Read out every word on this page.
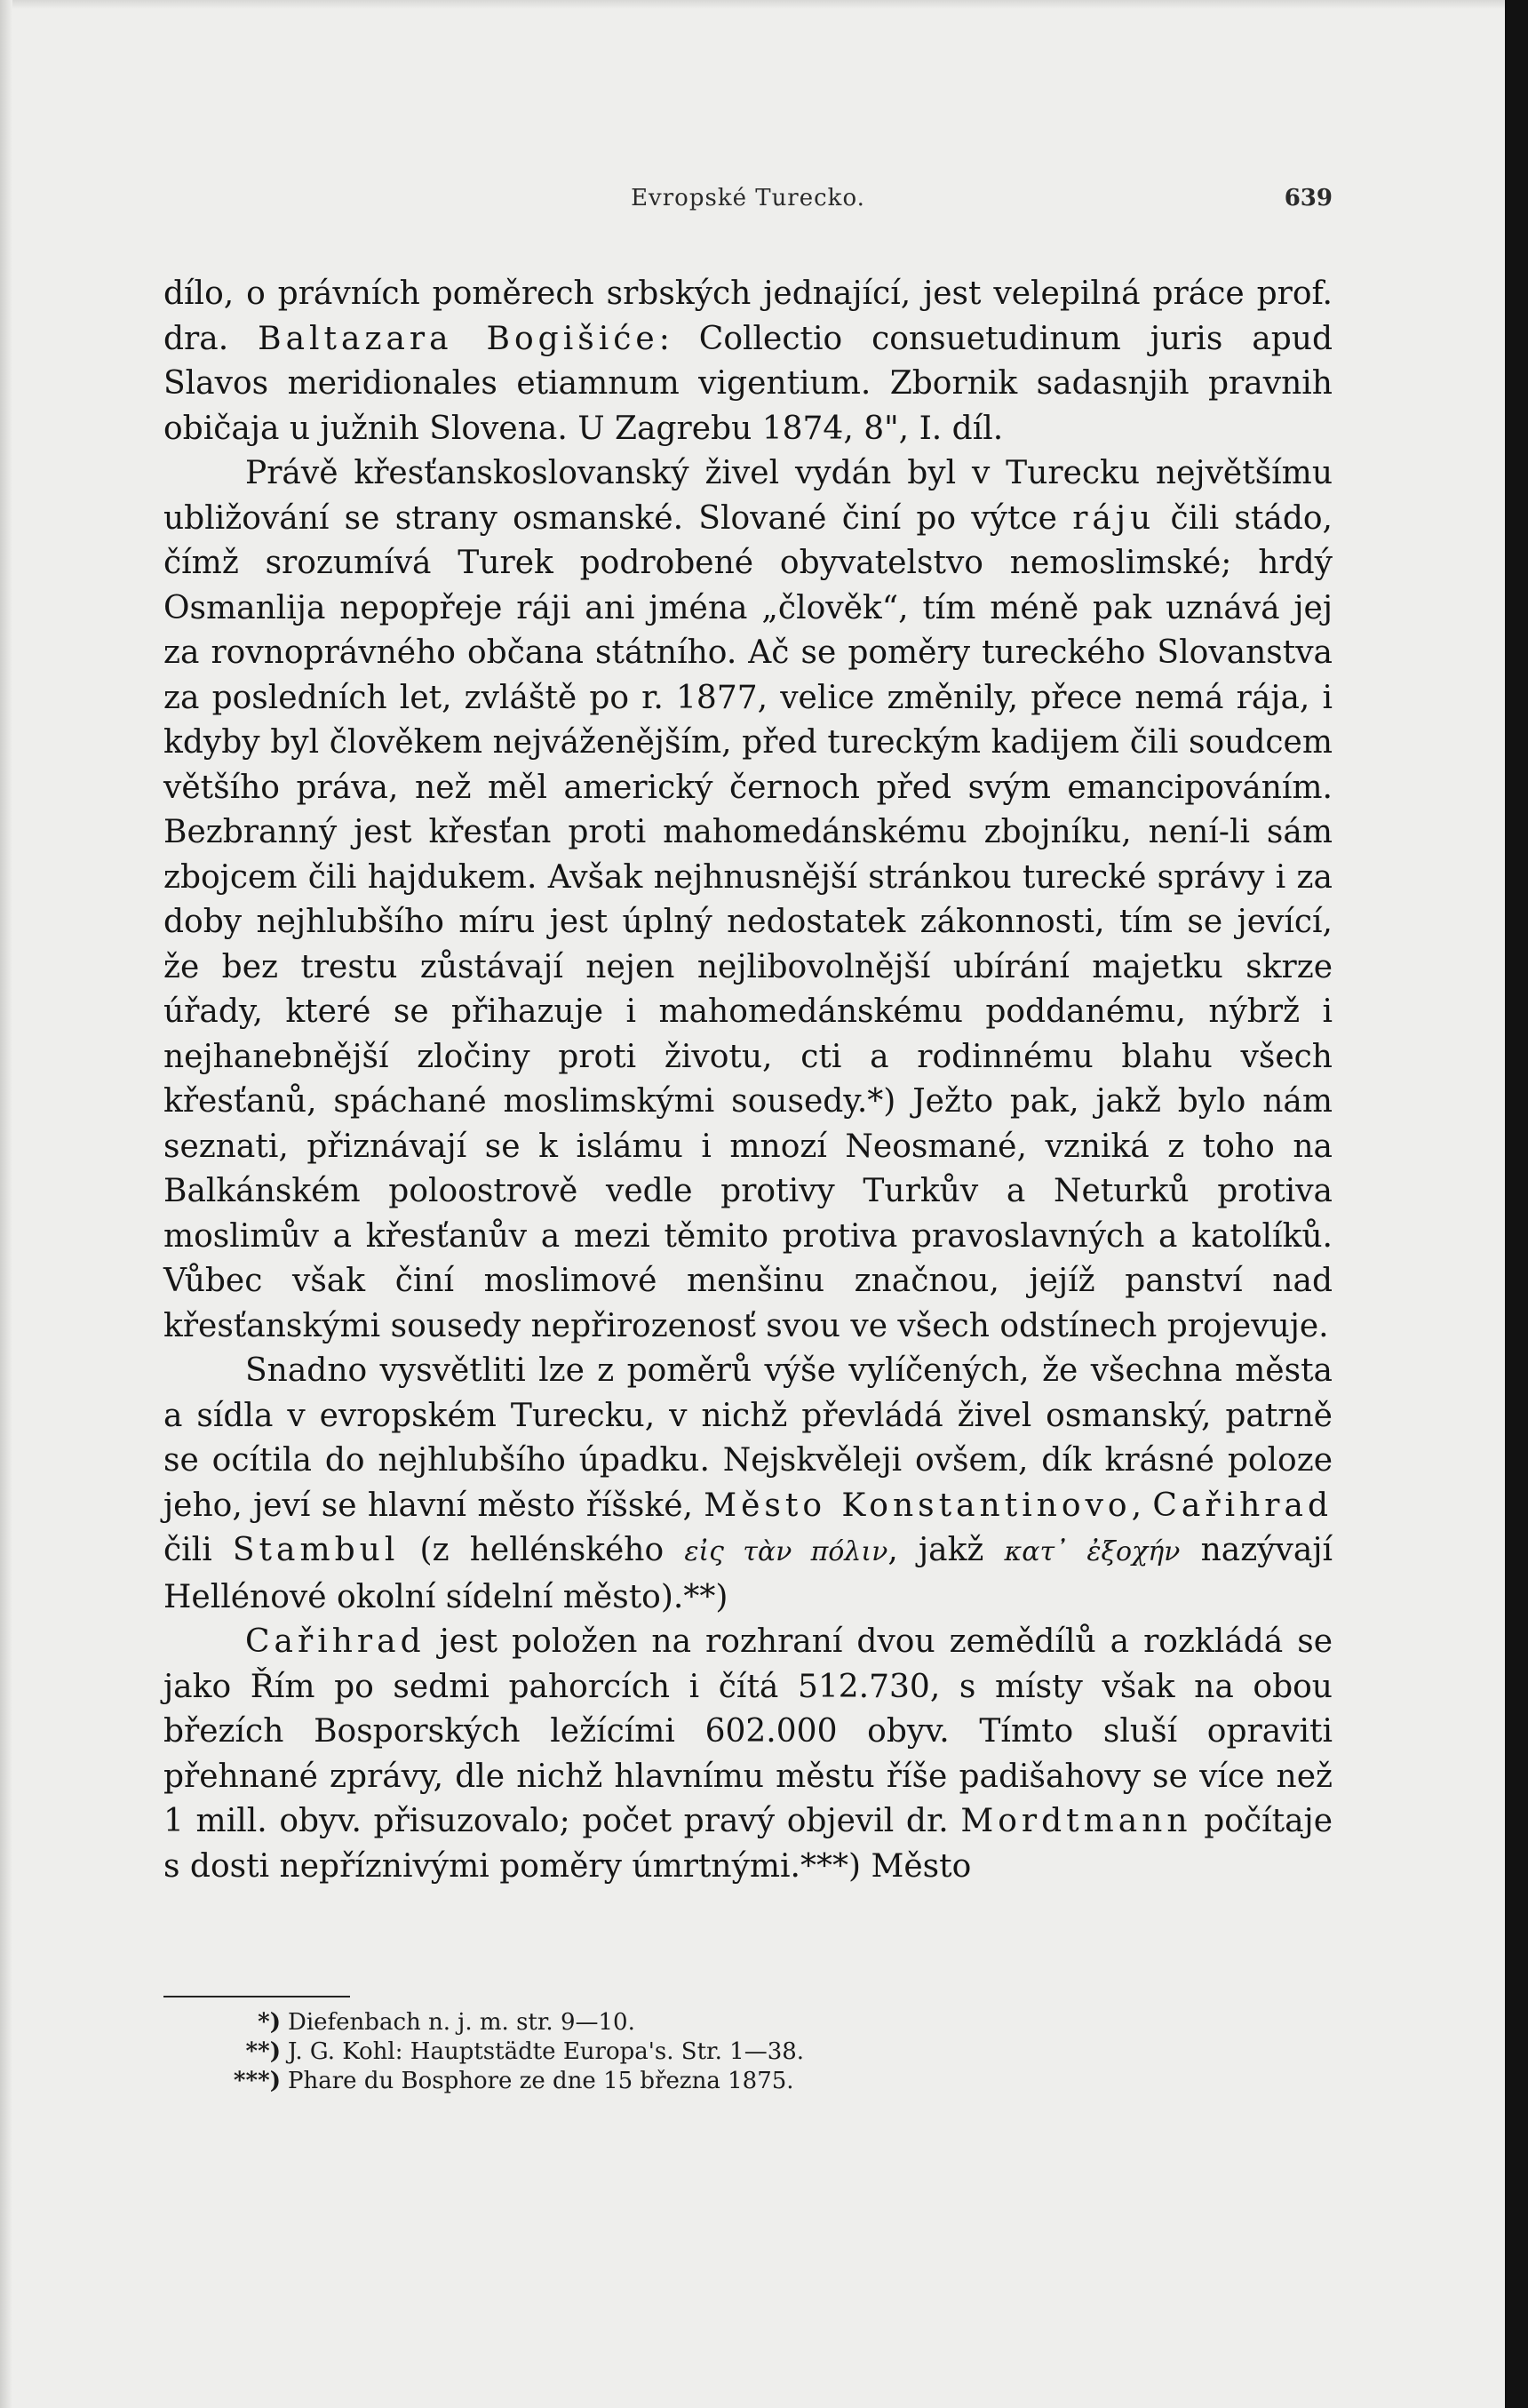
Evropské Turecko.	639

dílo, o právních poměrech srbských jednající, jest velepilná práce prof. dra. Baltazara Bogišiće: Collectio consuetudinum juris apud Slavos meridionales etiamnum vigentium. Zbornik sadasnjih pravnih običaja u južnih Slovena. U Zagrebu 1874, 8", I. díl.

Právě křesťanskoslovanský živel vydán byl v Turecku největšímu ubližování se strany osmanské. Slované činí po výtce ráju čili stádo, čímž srozumívá Turek podrobené obyvatelstvo nemoslimské; hrdý Osmanlija nepopřeje ráji ani jména „člověk“, tím méně pak uznává jej za rovnoprávného občana státního. Ač se poměry tureckého Slovanstva za posledních let, zvláště po r. 1877, velice změnily, přece nemá rája, i kdyby byl člověkem nejváženějším, před tureckým kadijem čili soudcem většího práva, než měl americký černoch před svým emancipováním. Bezbranný jest křesťan proti mahomedánskému zbojníku, není-li sám zbojcem čili hajdukem. Avšak nejhnusnější stránkou turecké správy i za doby nejhlubšího míru jest úplný nedostatek zákonnosti, tím se jevící, že bez trestu zůstávají nejen nejlibovolnější ubírání majetku skrze úřady, které se přihazuje i mahomedánskému poddanému, nýbrž i nejhanebnější zločiny proti životu, cti a rodinnému blahu všech křesťanů, spáchané moslimskými sousedy.*) Ježto pak, jakž bylo nám seznati, přiznávají se k islámu i mnozí Neosmané, vzniká z toho na Balkánském poloostrově vedle protivy Turkův a Neturků protiva moslimův a křesťanův a mezi těmito protiva pravoslavných a katolíků. Vůbec však činí moslimové menšinu značnou, jejíž panství nad křesťanskými sousedy nepřirozenosť svou ve všech odstínech projevuje.

Snadno vysvětliti lze z poměrů výše vylíčených, že všechna města a sídla v evropském Turecku, v nichž převládá živel osmanský, patrně se ocítila do nejhlubšího úpadku. Nejskvěleji ovšem, dík krásné poloze jeho, jeví se hlavní město říšské, Město Konstantinovo, Cařihrad čili Stambul (z hellénského εἰς τὰν πόλιν, jakž κατ᾽ ἐξοχήν nazývají Hellénové okolní sídelní město).**)

Cařihrad jest položen na rozhraní dvou zemědílů a rozkládá se jako Řím po sedmi pahorcích i čítá 512.730, s místy však na obou březích Bosporských ležícími 602.000 obyv. Tímto sluší opraviti přehnané zprávy, dle nichž hlavnímu městu říše padišahovy se více než 1 mill. obyv. přisuzovalo; počet pravý objevil dr. Mordtmann počítaje s dosti nepříznivými poměry úmrtnými.***) Město

*) Diefenbach n. j. m. str. 9—10.
**) J. G. Kohl: Hauptstädte Europa's. Str. 1—38.
***) Phare du Bosphore ze dne 15 března 1875.
